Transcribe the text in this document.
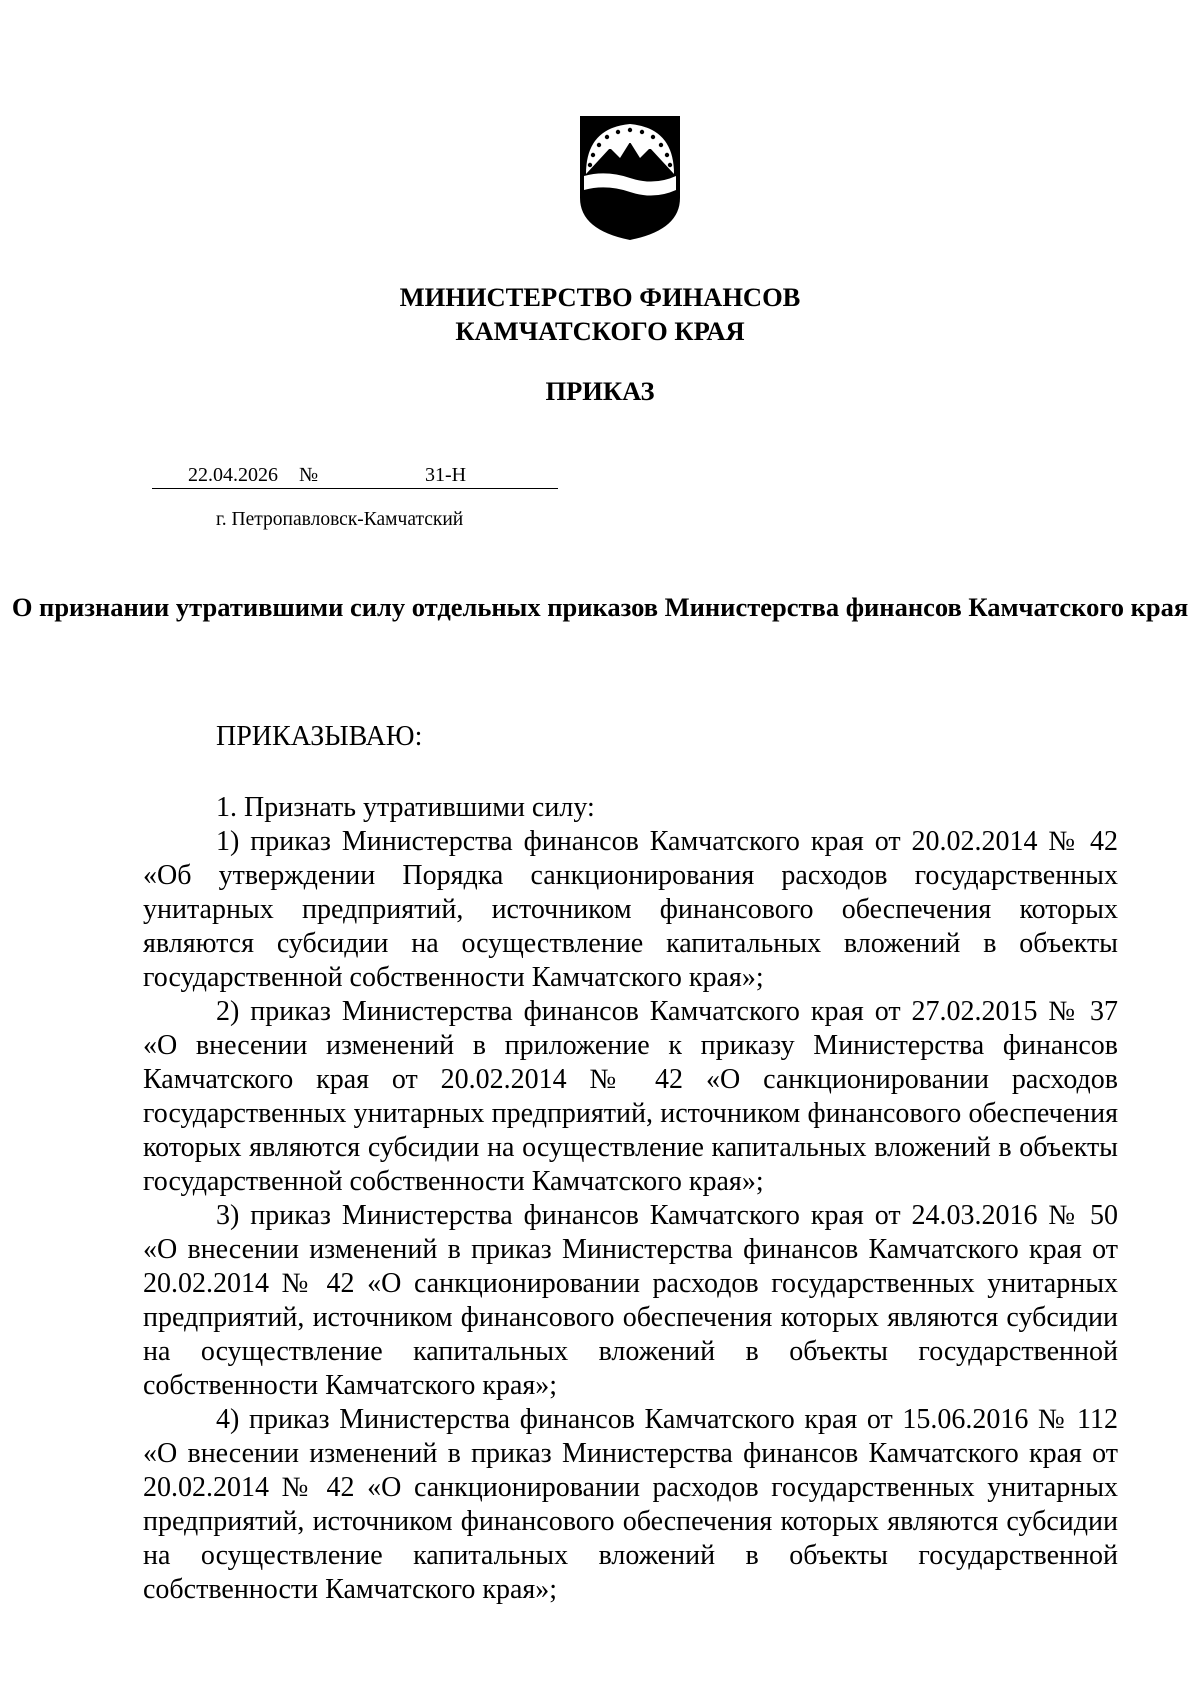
МИНИСТЕРСТВО ФИНАНСОВ
КАМЧАТСКОГО КРАЯ
ПРИКАЗ
22.04.2026	№	31-Н
г. Петропавловск-Камчатский
О признании утратившими силу отдельных приказов Министерства финансов Камчатского края
ПРИКАЗЫВАЮ:

1. Признать утратившими силу:

1) приказ Министерства финансов Камчатского края от 20.02.2014 № 42 «Об утверждении Порядка санкционирования расходов государственных унитарных предприятий, источником финансового обеспечения которых являются субсидии на осуществление капитальных вложений в объекты государственной собственности Камчатского края»;

2) приказ Министерства финансов Камчатского края от 27.02.2015 № 37 «О внесении изменений в приложение к приказу Министерства финансов Камчатского края от 20.02.2014 № 42 «О санкционировании расходов государственных унитарных предприятий, источником финансового обеспечения которых являются субсидии на осуществление капитальных вложений в объекты государственной собственности Камчатского края»;

3) приказ Министерства финансов Камчатского края от 24.03.2016 № 50 «О внесении изменений в приказ Министерства финансов Камчатского края от 20.02.2014 № 42 «О санкционировании расходов государственных унитарных предприятий, источником финансового обеспечения которых являются субсидии на осуществление капитальных вложений в объекты государственной собственности Камчатского края»;

4) приказ Министерства финансов Камчатского края от 15.06.2016 № 112 «О внесении изменений в приказ Министерства финансов Камчатского края от 20.02.2014 № 42 «О санкционировании расходов государственных унитарных предприятий, источником финансового обеспечения которых являются субсидии на осуществление капитальных вложений в объекты государственной собственности Камчатского края»;
